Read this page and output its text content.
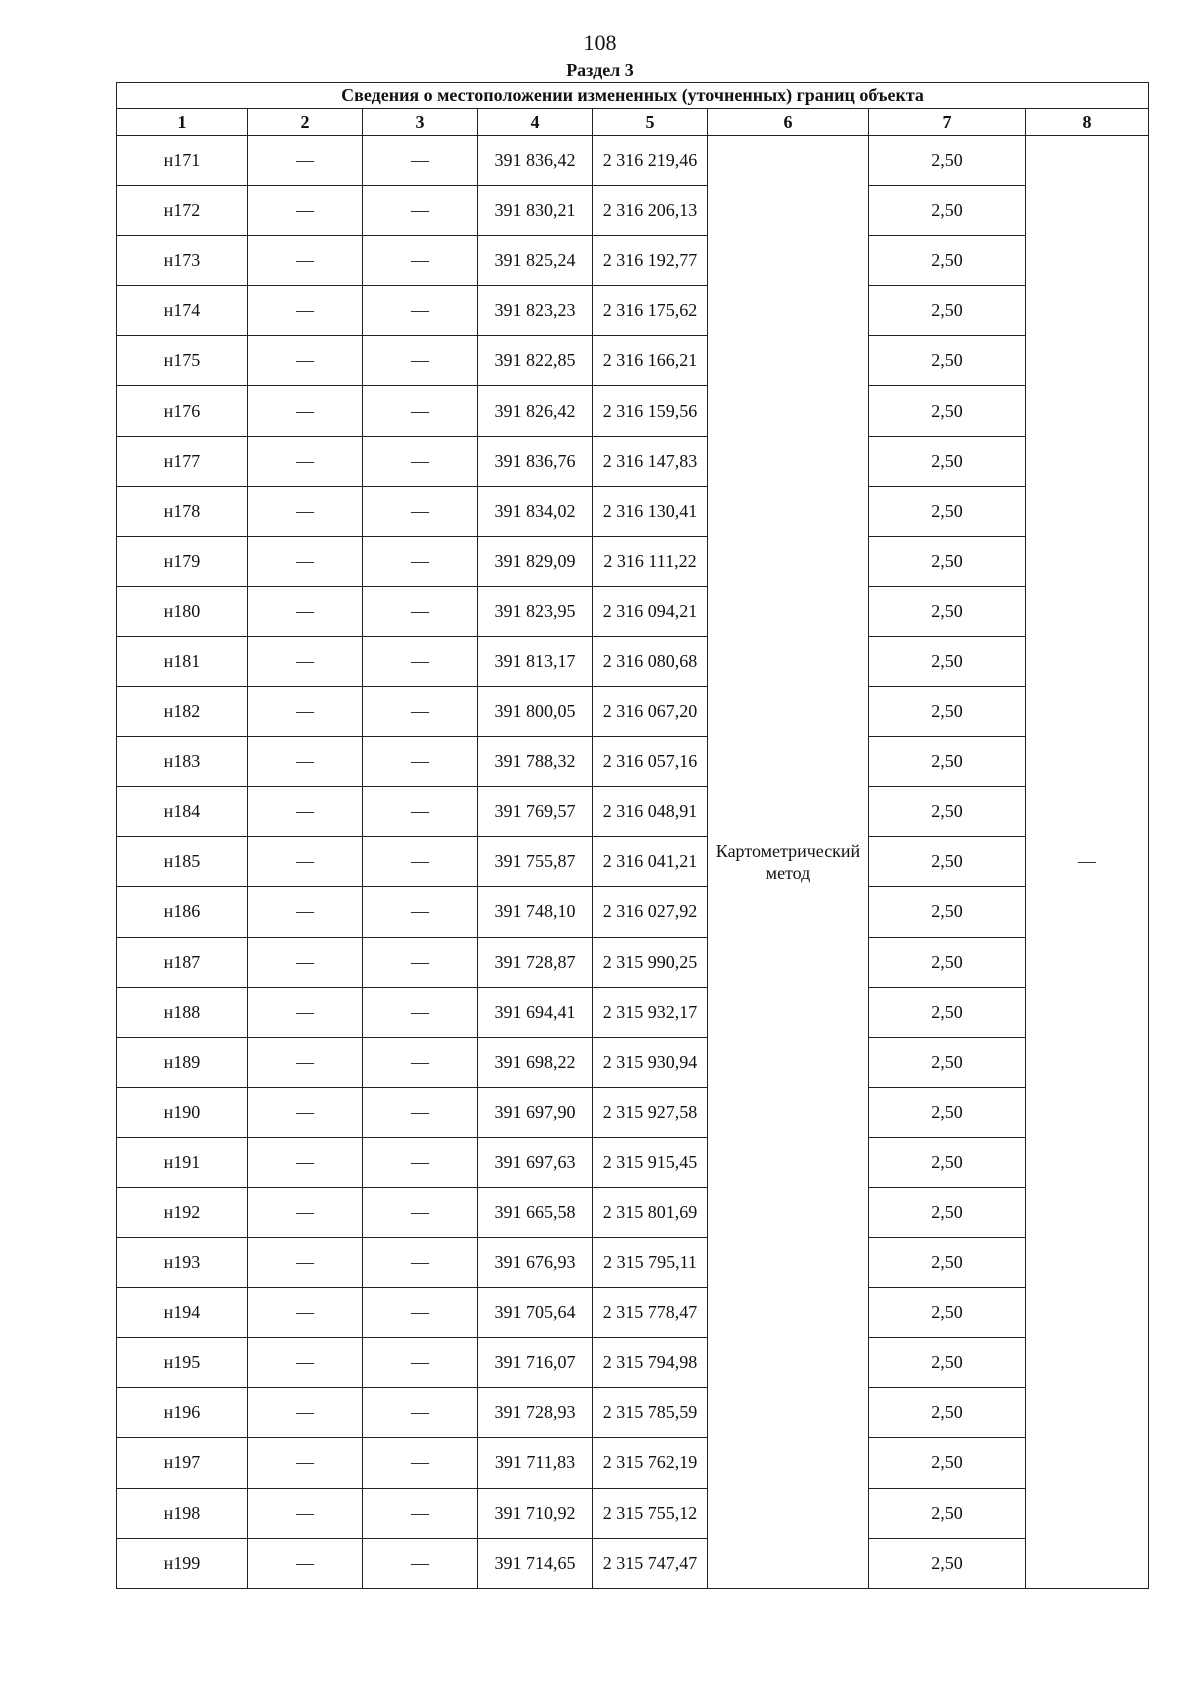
108
Раздел 3
Сведения о местоположении измененных (уточненных) границ объекта							
1	2	3	4	5	6	7	8
н171	—	—	391 836,42	2 316 219,46	Картометрический метод	2,50	—
н172	—	—	391 830,21	2 316 206,13		2,50	
н173	—	—	391 825,24	2 316 192,77		2,50	
н174	—	—	391 823,23	2 316 175,62		2,50	
н175	—	—	391 822,85	2 316 166,21		2,50	
н176	—	—	391 826,42	2 316 159,56		2,50	
н177	—	—	391 836,76	2 316 147,83		2,50	
н178	—	—	391 834,02	2 316 130,41		2,50	
н179	—	—	391 829,09	2 316 111,22		2,50	
н180	—	—	391 823,95	2 316 094,21		2,50	
н181	—	—	391 813,17	2 316 080,68		2,50	
н182	—	—	391 800,05	2 316 067,20		2,50	
н183	—	—	391 788,32	2 316 057,16		2,50	
н184	—	—	391 769,57	2 316 048,91		2,50	
н185	—	—	391 755,87	2 316 041,21		2,50	
н186	—	—	391 748,10	2 316 027,92		2,50	
н187	—	—	391 728,87	2 315 990,25		2,50	
н188	—	—	391 694,41	2 315 932,17		2,50	
н189	—	—	391 698,22	2 315 930,94		2,50	
н190	—	—	391 697,90	2 315 927,58		2,50	
н191	—	—	391 697,63	2 315 915,45		2,50	
н192	—	—	391 665,58	2 315 801,69		2,50	
н193	—	—	391 676,93	2 315 795,11		2,50	
н194	—	—	391 705,64	2 315 778,47		2,50	
н195	—	—	391 716,07	2 315 794,98		2,50	
н196	—	—	391 728,93	2 315 785,59		2,50	
н197	—	—	391 711,83	2 315 762,19		2,50	
н198	—	—	391 710,92	2 315 755,12		2,50	
н199	—	—	391 714,65	2 315 747,47		2,50	
